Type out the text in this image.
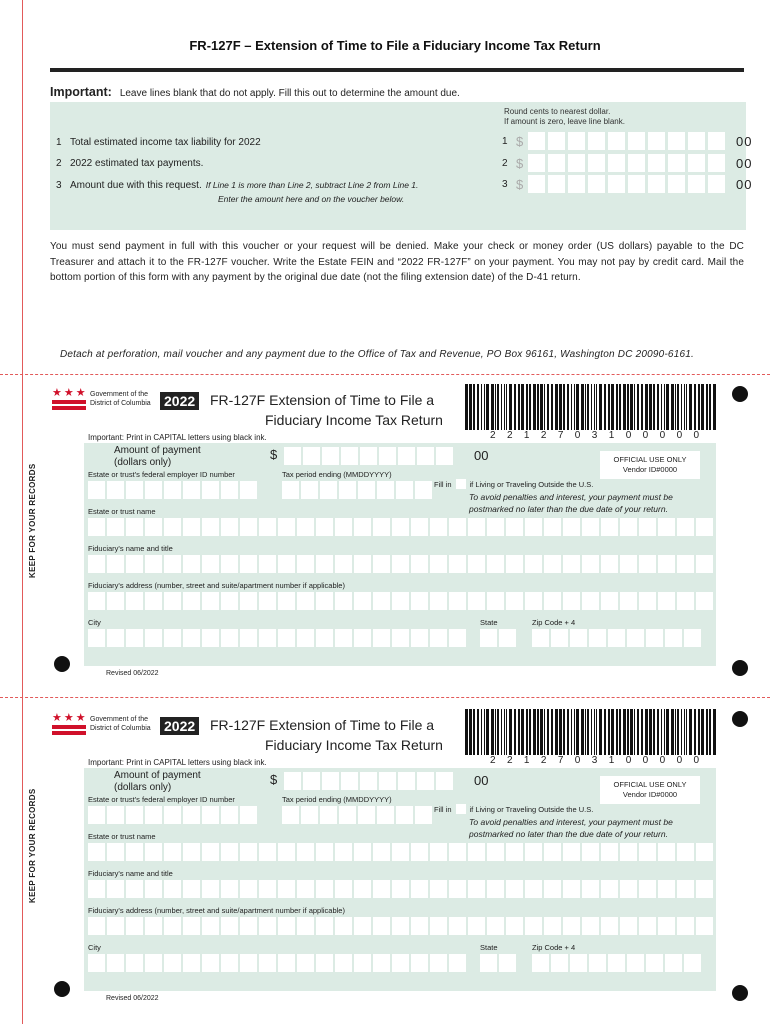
FR-127F – Extension of Time to File a Fiduciary Income Tax Return
Important: Leave lines blank that do not apply. Fill this out to determine the amount due.
Round cents to nearest dollar.
If amount is zero, leave line blank.
1 Total estimated income tax liability for 2022
2 2022 estimated tax payments.
3 Amount due with this request. If Line 1 is more than Line 2, subtract Line 2 from Line 1.
Enter the amount here and on the voucher below.
1 $	00
2 $	00
3 $	00
You must send payment in full with this voucher or your request will be denied. Make your check or money order (US dollars) payable to the DC Treasurer and attach it to the FR-127F voucher. Write the Estate FEIN and “2022 FR-127F” on your payment. You may not pay by credit card. Mail the bottom portion of this form with any payment by the original due date (not the filing extension date) of the D-41 return.
Detach at perforation, mail voucher and any payment due to the Office of Tax and Revenue, PO Box 96161, Washington DC 20090-6161.
★ ★ ★ Government of the
District of Columbia 2022 FR-127F Extension of Time to File a
Fiduciary Income Tax Return
2212703100000
Important: Print in CAPITAL letters using black ink.
KEEP FOR YOUR RECORDS
Amount of payment
(dollars only)
$	00	OFFICIAL USE ONLY
Vendor ID#0000
Estate or trust's federal employer ID number	Tax period ending (MMDDYYYY)
Fill in if Living or Traveling Outside the U.S.
To avoid penalties and interest, your payment must be
postmarked no later than the due date of your return.
Estate or trust name
Fiduciary's name and title
Fiduciary's address (number, street and suite/apartment number if applicable)
City	State	Zip Code + 4
Revised 06/2022
★ ★ ★ Government of the
District of Columbia 2022 FR-127F Extension of Time to File a
Fiduciary Income Tax Return
2212703100000
Important: Print in CAPITAL letters using black ink.
KEEP FOR YOUR RECORDS
Amount of payment
(dollars only)
$	00	OFFICIAL USE ONLY
Vendor ID#0000
Estate or trust's federal employer ID number	Tax period ending (MMDDYYYY)
Fill in if Living or Traveling Outside the U.S.
To avoid penalties and interest, your payment must be
postmarked no later than the due date of your return.
Estate or trust name
Fiduciary's name and title
Fiduciary's address (number, street and suite/apartment number if applicable)
City	State	Zip Code + 4
Revised 06/2022
